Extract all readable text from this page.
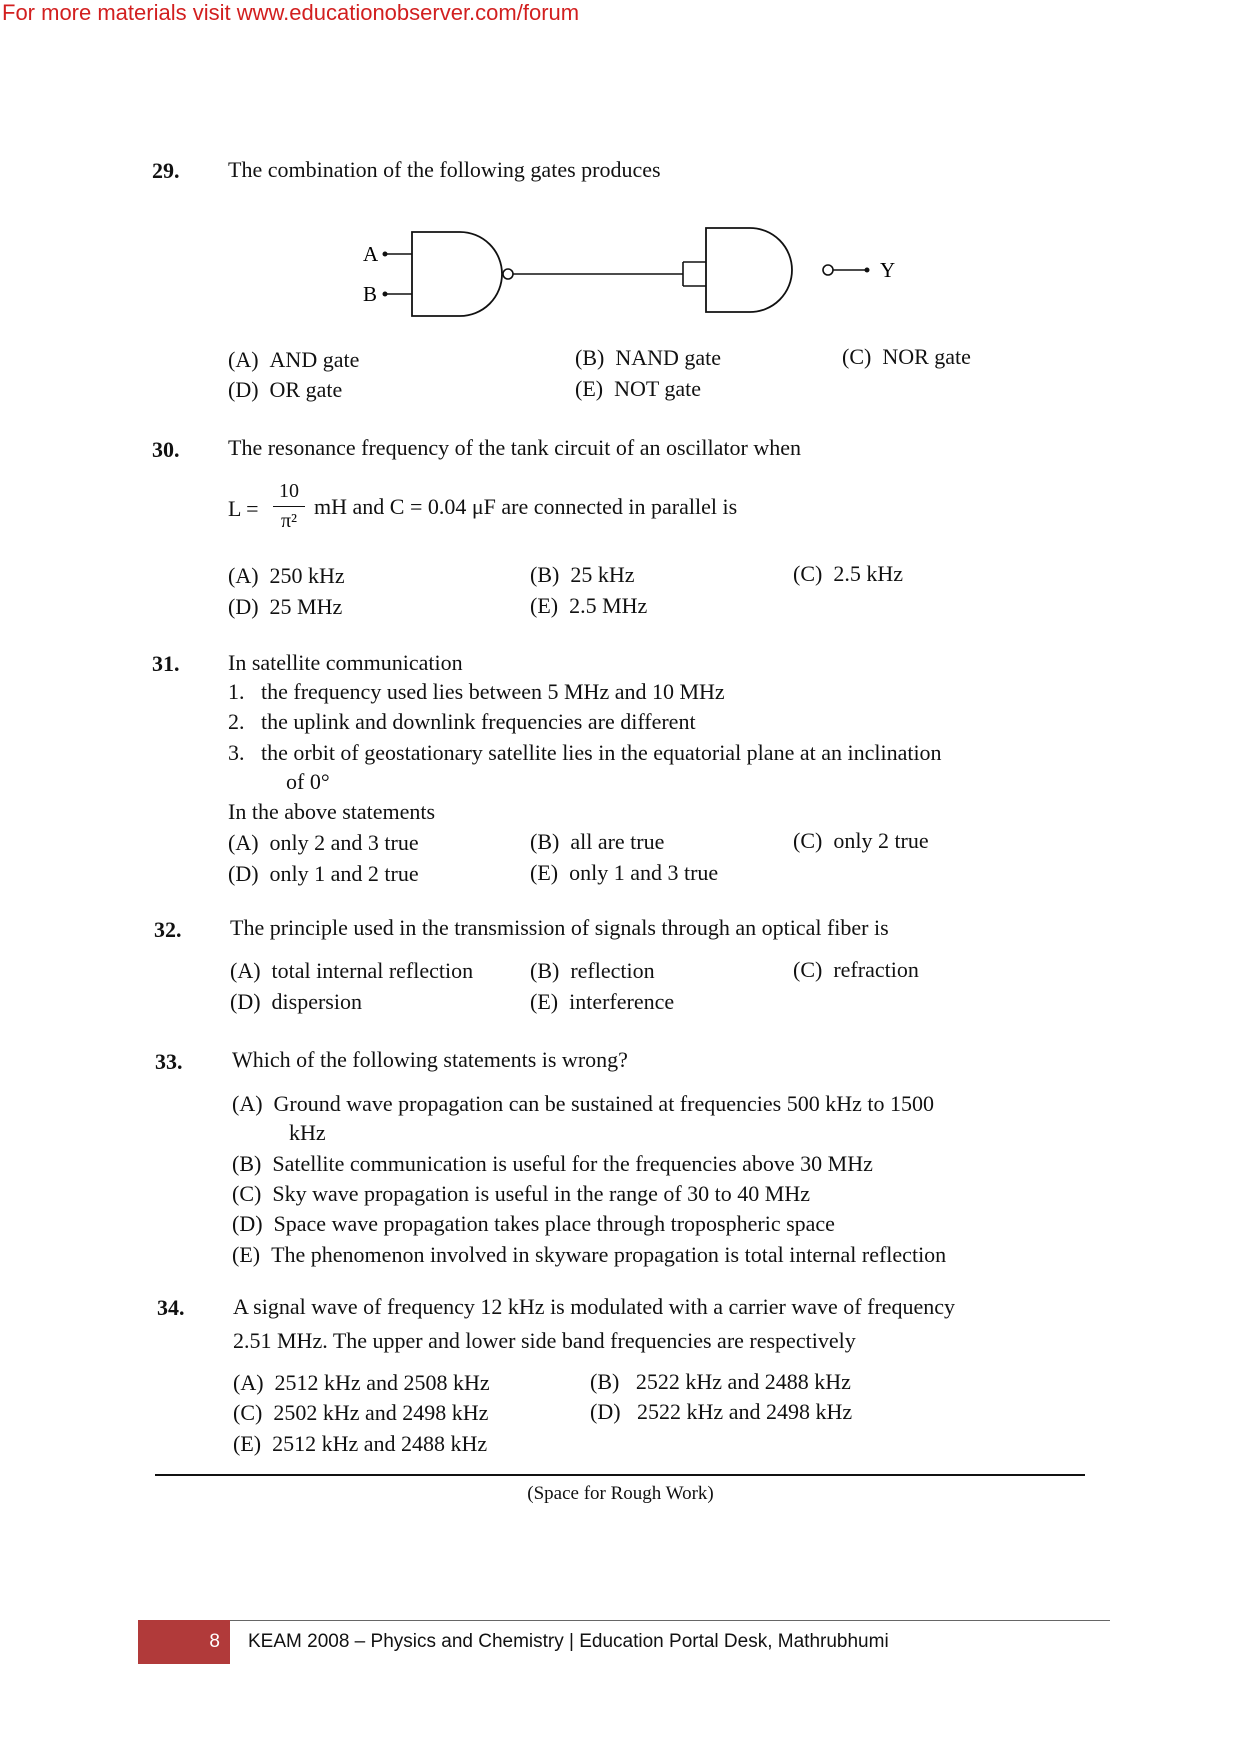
For more materials visit www.educationobserver.com/forum
29. The combination of the following gates produces
A
B
Y
(A) AND gate	(B) NAND gate	(C) NOR gate
(D) OR gate	(E) NOT gate
30. The resonance frequency of the tank circuit of an oscillator when
L =
10
π²
mH and C = 0.04 μF are connected in parallel is
(A) 250 kHz	(B) 25 kHz	(C) 2.5 kHz
(D) 25 MHz	(E) 2.5 MHz
31. In satellite communication
1. the frequency used lies between 5 MHz and 10 MHz
2. the uplink and downlink frequencies are different
3. the orbit of geostationary satellite lies in the equatorial plane at an inclination
of 0°
In the above statements
(A) only 2 and 3 true	(B) all are true	(C) only 2 true
(D) only 1 and 2 true	(E) only 1 and 3 true
32. The principle used in the transmission of signals through an optical fiber is
(A) total internal reflection	(B) reflection	(C) refraction
(D) dispersion	(E) interference
33. Which of the following statements is wrong?
(A) Ground wave propagation can be sustained at frequencies 500 kHz to 1500
kHz
(B) Satellite communication is useful for the frequencies above 30 MHz
(C) Sky wave propagation is useful in the range of 30 to 40 MHz
(D) Space wave propagation takes place through tropospheric space
(E) The phenomenon involved in skyware propagation is total internal reflection
34. A signal wave of frequency 12 kHz is modulated with a carrier wave of frequency
2.51 MHz. The upper and lower side band frequencies are respectively
(A) 2512 kHz and 2508 kHz	(B) 2522 kHz and 2488 kHz
(C) 2502 kHz and 2498 kHz	(D) 2522 kHz and 2498 kHz
(E) 2512 kHz and 2488 kHz
(Space for Rough Work)
8	KEAM 2008 – Physics and Chemistry | Education Portal Desk, Mathrubhumi
